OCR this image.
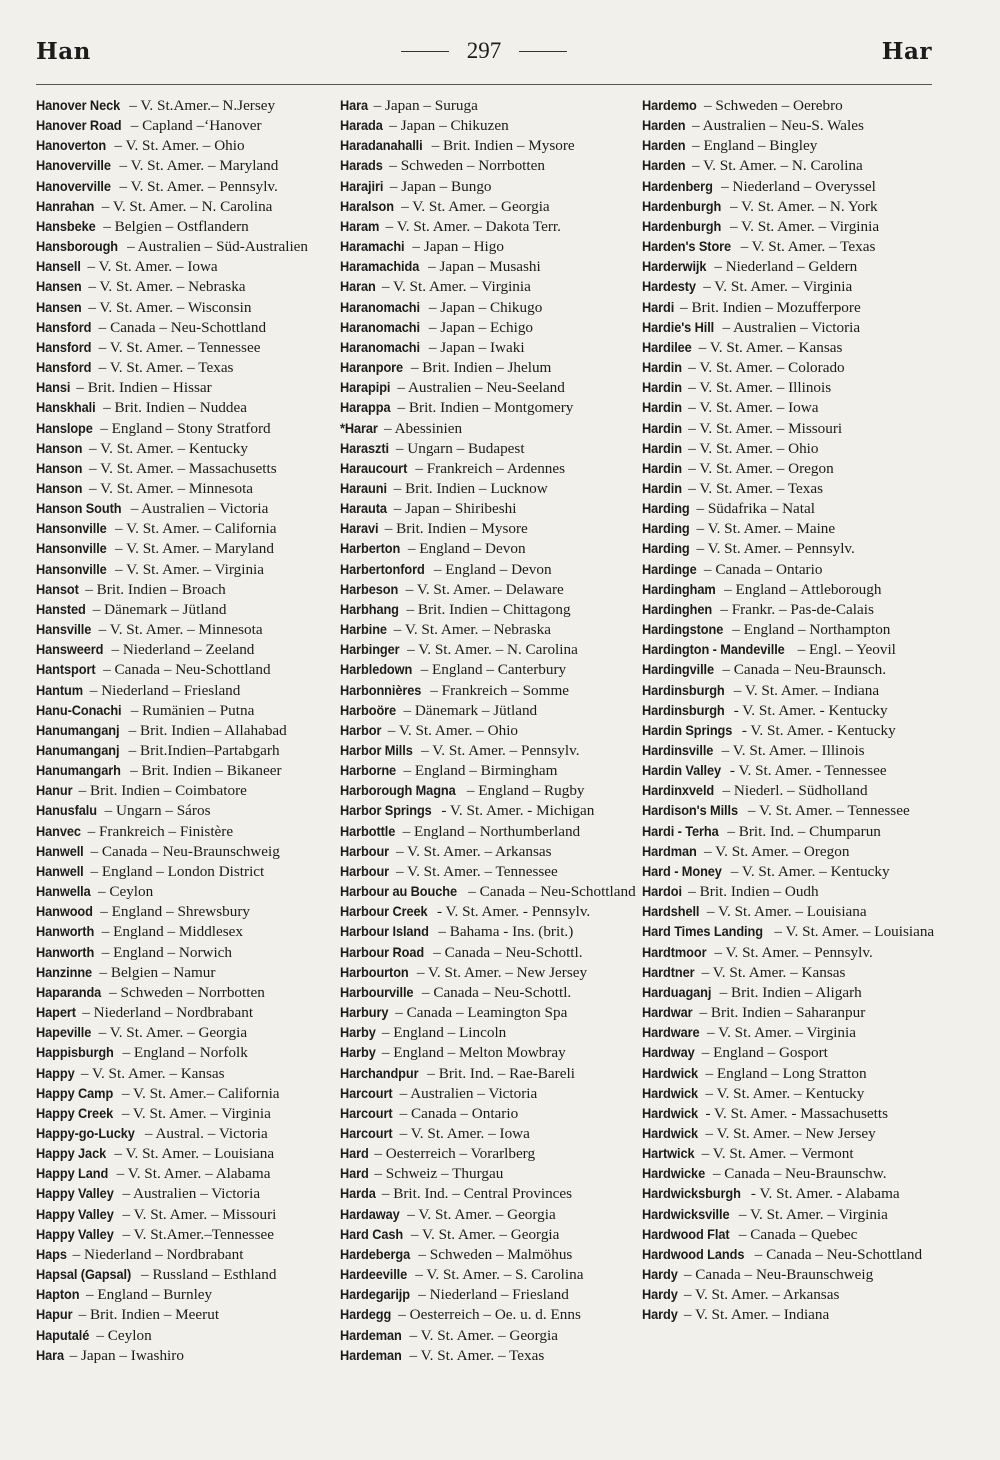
Han	297	Har
Hanover Neck – V. St.Amer.– N.Jersey
Hanover Road – Capland –‘Hanover
Hanoverton – V. St. Amer. – Ohio
Hanoverville – V. St. Amer. – Maryland
Hanoverville – V. St. Amer. – Pennsylv.
Hanrahan – V. St. Amer. – N. Carolina
Hansbeke – Belgien – Ostflandern
Hansborough – Australien – Süd-Australien
Hansell – V. St. Amer. – Iowa
Hansen – V. St. Amer. – Nebraska
Hansen – V. St. Amer. – Wisconsin
Hansford – Canada – Neu-Schottland
Hansford – V. St. Amer. – Tennessee
Hansford – V. St. Amer. – Texas
Hansi – Brit. Indien – Hissar
Hanskhali – Brit. Indien – Nuddea
Hanslope – England – Stony Stratford
Hanson – V. St. Amer. – Kentucky
Hanson – V. St. Amer. – Massachusetts
Hanson – V. St. Amer. – Minnesota
Hanson South – Australien – Victoria
Hansonville – V. St. Amer. – California
Hansonville – V. St. Amer. – Maryland
Hansonville – V. St. Amer. – Virginia
Hansot – Brit. Indien – Broach
Hansted – Dänemark – Jütland
Hansville – V. St. Amer. – Minnesota
Hansweerd – Niederland – Zeeland
Hantsport – Canada – Neu-Schottland
Hantum – Niederland – Friesland
Hanu-Conachi – Rumänien – Putna
Hanumanganj – Brit. Indien – Allahabad
Hanumanganj – Brit.Indien–Partabgarh
Hanumangarh – Brit. Indien – Bikaneer
Hanur – Brit. Indien – Coimbatore
Hanusfalu – Ungarn – Sáros
Hanvec – Frankreich – Finistère
Hanwell – Canada – Neu-Braunschweig
Hanwell – England – London District
Hanwella – Ceylon
Hanwood – England – Shrewsbury
Hanworth – England – Middlesex
Hanworth – England – Norwich
Hanzinne – Belgien – Namur
Haparanda – Schweden – Norrbotten
Hapert – Niederland – Nordbrabant
Hapeville – V. St. Amer. – Georgia
Happisburgh – England – Norfolk
Happy – V. St. Amer. – Kansas
Happy Camp – V. St. Amer.– California
Happy Creek – V. St. Amer. – Virginia
Happy-go-Lucky – Austral. – Victoria
Happy Jack – V. St. Amer. – Louisiana
Happy Land – V. St. Amer. – Alabama
Happy Valley – Australien – Victoria
Happy Valley – V. St. Amer. – Missouri
Happy Valley – V. St.Amer.–Tennessee
Haps – Niederland – Nordbrabant
Hapsal (Gapsal) – Russland – Esthland
Hapton – England – Burnley
Hapur – Brit. Indien – Meerut
Haputalé – Ceylon
Hara – Japan – Iwashiro
Hara – Japan – Suruga
Harada – Japan – Chikuzen
Haradanahalli – Brit. Indien – Mysore
Harads – Schweden – Norrbotten
Harajiri – Japan – Bungo
Haralson – V. St. Amer. – Georgia
Haram – V. St. Amer. – Dakota Terr.
Haramachi – Japan – Higo
Haramachida – Japan – Musashi
Haran – V. St. Amer. – Virginia
Haranomachi – Japan – Chikugo
Haranomachi – Japan – Echigo
Haranomachi – Japan – Iwaki
Haranpore – Brit. Indien – Jhelum
Harapipi – Australien – Neu-Seeland
Harappa – Brit. Indien – Montgomery
*Harar – Abessinien
Haraszti – Ungarn – Budapest
Haraucourt – Frankreich – Ardennes
Harauni – Brit. Indien – Lucknow
Harauta – Japan – Shiribeshi
Haravi – Brit. Indien – Mysore
Harberton – England – Devon
Harbertonford – England – Devon
Harbeson – V. St. Amer. – Delaware
Harbhang – Brit. Indien – Chittagong
Harbine – V. St. Amer. – Nebraska
Harbinger – V. St. Amer. – N. Carolina
Harbledown – England – Canterbury
Harbonnières – Frankreich – Somme
Harboöre – Dänemark – Jütland
Harbor – V. St. Amer. – Ohio
Harbor Mills – V. St. Amer. – Pennsylv.
Harborne – England – Birmingham
Harborough Magna – England – Rugby
Harbor Springs - V. St. Amer. - Michigan
Harbottle – England – Northumberland
Harbour – V. St. Amer. – Arkansas
Harbour – V. St. Amer. – Tennessee
Harbour au Bouche – Canada – Neu-Schottland
Harbour Creek - V. St. Amer. - Pennsylv.
Harbour Island – Bahama - Ins. (brit.)
Harbour Road – Canada – Neu-Schottl.
Harbourton – V. St. Amer. – New Jersey
Harbourville – Canada – Neu-Schottl.
Harbury – Canada – Leamington Spa
Harby – England – Lincoln
Harby – England – Melton Mowbray
Harchandpur – Brit. Ind. – Rae-Bareli
Harcourt – Australien – Victoria
Harcourt – Canada – Ontario
Harcourt – V. St. Amer. – Iowa
Hard – Oesterreich – Vorarlberg
Hard – Schweiz – Thurgau
Harda – Brit. Ind. – Central Provinces
Hardaway – V. St. Amer. – Georgia
Hard Cash – V. St. Amer. – Georgia
Hardeberga – Schweden – Malmöhus
Hardeeville – V. St. Amer. – S. Carolina
Hardegarijp – Niederland – Friesland
Hardegg – Oesterreich – Oe. u. d. Enns
Hardeman – V. St. Amer. – Georgia
Hardeman – V. St. Amer. – Texas
Hardemo – Schweden – Oerebro
Harden – Australien – Neu-S. Wales
Harden – England – Bingley
Harden – V. St. Amer. – N. Carolina
Hardenberg – Niederland – Overyssel
Hardenburgh – V. St. Amer. – N. York
Hardenburgh – V. St. Amer. – Virginia
Harden's Store – V. St. Amer. – Texas
Harderwijk – Niederland – Geldern
Hardesty – V. St. Amer. – Virginia
Hardi – Brit. Indien – Mozufferpore
Hardie's Hill – Australien – Victoria
Hardilee – V. St. Amer. – Kansas
Hardin – V. St. Amer. – Colorado
Hardin – V. St. Amer. – Illinois
Hardin – V. St. Amer. – Iowa
Hardin – V. St. Amer. – Missouri
Hardin – V. St. Amer. – Ohio
Hardin – V. St. Amer. – Oregon
Hardin – V. St. Amer. – Texas
Harding – Südafrika – Natal
Harding – V. St. Amer. – Maine
Harding – V. St. Amer. – Pennsylv.
Hardinge – Canada – Ontario
Hardingham – England – Attleborough
Hardinghen – Frankr. – Pas-de-Calais
Hardingstone – England – Northampton
Hardington - Mandeville – Engl. – Yeovil
Hardingville – Canada – Neu-Braunsch.
Hardinsburgh – V. St. Amer. – Indiana
Hardinsburgh - V. St. Amer. - Kentucky
Hardin Springs - V. St. Amer. - Kentucky
Hardinsville – V. St. Amer. – Illinois
Hardin Valley - V. St. Amer. - Tennessee
Hardinxveld – Niederl. – Südholland
Hardison's Mills – V. St. Amer. – Tennessee
Hardi - Terha – Brit. Ind. – Chumparun
Hardman – V. St. Amer. – Oregon
Hard - Money – V. St. Amer. – Kentucky
Hardoi – Brit. Indien – Oudh
Hardshell – V. St. Amer. – Louisiana
Hard Times Landing – V. St. Amer. – Louisiana
Hardtmoor – V. St. Amer. – Pennsylv.
Hardtner – V. St. Amer. – Kansas
Harduaganj – Brit. Indien – Aligarh
Hardwar – Brit. Indien – Saharanpur
Hardware – V. St. Amer. – Virginia
Hardway – England – Gosport
Hardwick – England – Long Stratton
Hardwick – V. St. Amer. – Kentucky
Hardwick - V. St. Amer. - Massachusetts
Hardwick – V. St. Amer. – New Jersey
Hartwick – V. St. Amer. – Vermont
Hardwicke – Canada – Neu-Braunschw.
Hardwicksburgh - V. St. Amer. - Alabama
Hardwicksville – V. St. Amer. – Virginia
Hardwood Flat – Canada – Quebec
Hardwood Lands – Canada – Neu-Schottland
Hardy – Canada – Neu-Braunschweig
Hardy – V. St. Amer. – Arkansas
Hardy – V. St. Amer. – Indiana
